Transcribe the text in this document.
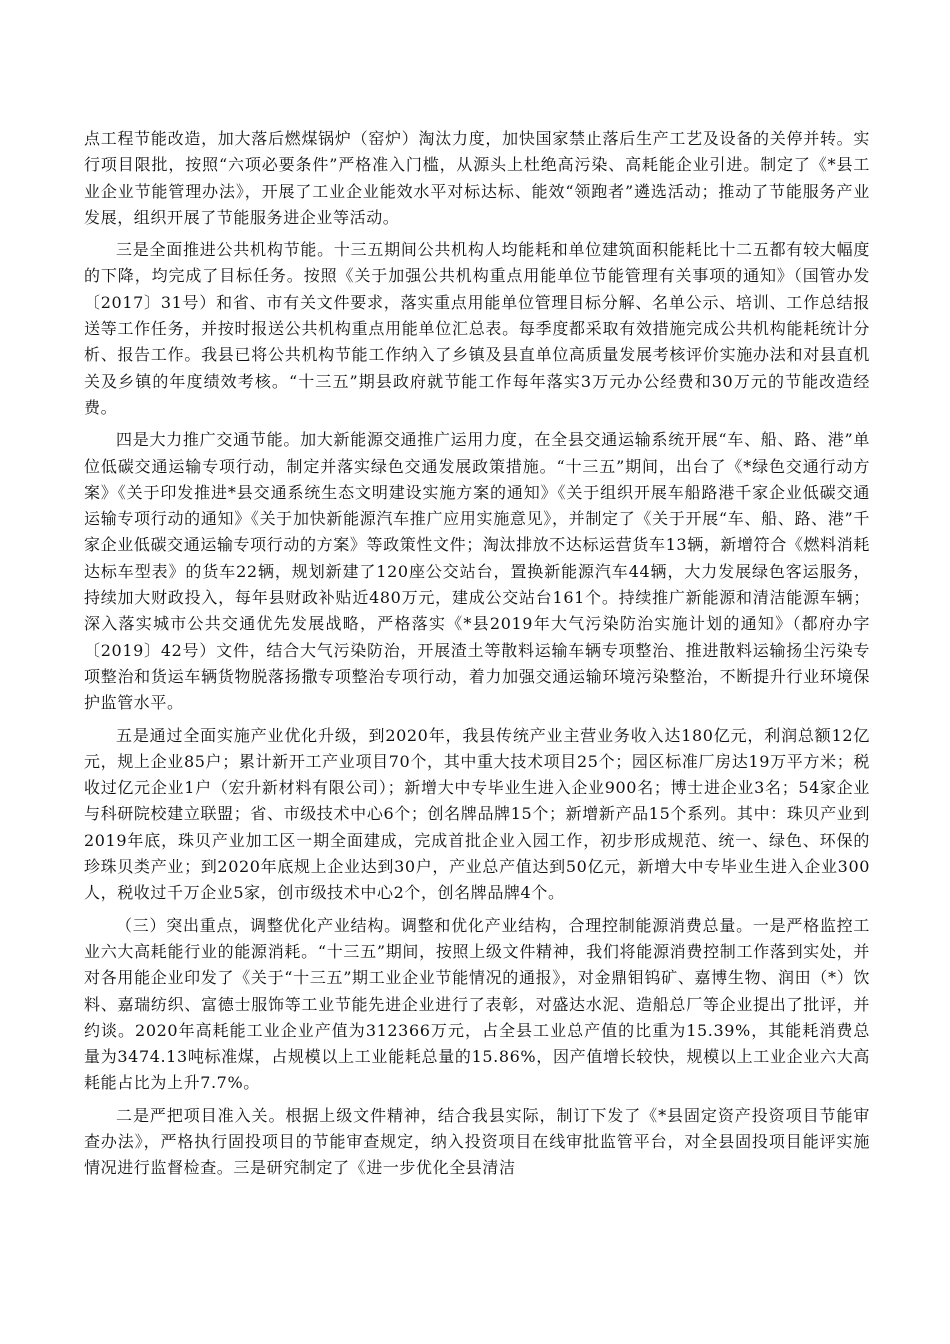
点工程节能改造，加大落后燃煤锅炉（窑炉）淘汰力度，加快国家禁止落后生产工艺及设备的关停并转。实行项目限批，按照“六项必要条件”严格准入门槛，从源头上杜绝高污染、高耗能企业引进。制定了《*县工业企业节能管理办法》，开展了工业企业能效水平对标达标、能效“领跑者”遴选活动；推动了节能服务产业发展，组织开展了节能服务进企业等活动。

三是全面推进公共机构节能。十三五期间公共机构人均能耗和单位建筑面积能耗比十二五都有较大幅度的下降，均完成了目标任务。按照《关于加强公共机构重点用能单位节能管理有关事项的通知》（国管办发〔2017〕31号）和省、市有关文件要求，落实重点用能单位管理目标分解、名单公示、培训、工作总结报送等工作任务，并按时报送公共机构重点用能单位汇总表。每季度都采取有效措施完成公共机构能耗统计分析、报告工作。我县已将公共机构节能工作纳入了乡镇及县直单位高质量发展考核评价实施办法和对县直机关及乡镇的年度绩效考核。“十三五”期县政府就节能工作每年落实3万元办公经费和30万元的节能改造经费。

四是大力推广交通节能。加大新能源交通推广运用力度，在全县交通运输系统开展“车、船、路、港”单位低碳交通运输专项行动，制定并落实绿色交通发展政策措施。“十三五”期间，出台了《*绿色交通行动方案》《关于印发推进*县交通系统生态文明建设实施方案的通知》《关于组织开展车船路港千家企业低碳交通运输专项行动的通知》《关于加快新能源汽车推广应用实施意见》，并制定了《关于开展“车、船、路、港”千家企业低碳交通运输专项行动的方案》等政策性文件；淘汰排放不达标运营货车13辆，新增符合《燃料消耗达标车型表》的货车22辆，规划新建了120座公交站台，置换新能源汽车44辆，大力发展绿色客运服务，持续加大财政投入，每年县财政补贴近480万元，建成公交站台161个。持续推广新能源和清洁能源车辆；深入落实城市公共交通优先发展战略，严格落实《*县2019年大气污染防治实施计划的通知》（都府办字〔2019〕42号）文件，结合大气污染防治，开展渣土等散料运输车辆专项整治、推进散料运输扬尘污染专项整治和货运车辆货物脱落扬撒专项整治专项行动，着力加强交通运输环境污染整治，不断提升行业环境保护监管水平。

五是通过全面实施产业优化升级，到2020年，我县传统产业主营业务收入达180亿元，利润总额12亿元，规上企业85户；累计新开工产业项目70个，其中重大技术项目25个；园区标准厂房达19万平方米；税收过亿元企业1户（宏升新材料有限公司）；新增大中专毕业生进入企业900名；博士进企业3名；54家企业与科研院校建立联盟；省、市级技术中心6个；创名牌品牌15个；新增新产品15个系列。其中：珠贝产业到2019年底，珠贝产业加工区一期全面建成，完成首批企业入园工作，初步形成规范、统一、绿色、环保的珍珠贝类产业；到2020年底规上企业达到30户，产业总产值达到50亿元，新增大中专毕业生进入企业300人，税收过千万企业5家，创市级技术中心2个，创名牌品牌4个。

（三）突出重点，调整优化产业结构。调整和优化产业结构，合理控制能源消费总量。一是严格监控工业六大高耗能行业的能源消耗。“十三五”期间，按照上级文件精神，我们将能源消费控制工作落到实处，并对各用能企业印发了《关于“十三五”期工业企业节能情况的通报》，对金鼎钼钨矿、嘉博生物、润田（*）饮料、嘉瑞纺织、富德士服饰等工业节能先进企业进行了表彰，对盛达水泥、造船总厂等企业提出了批评，并约谈。2020年高耗能工业企业产值为312366万元，占全县工业总产值的比重为15.39%，其能耗消费总量为3474.13吨标准煤，占规模以上工业能耗总量的15.86%，因产值增长较快，规模以上工业企业六大高耗能占比为上升7.7%。

二是严把项目准入关。根据上级文件精神，结合我县实际，制订下发了《*县固定资产投资项目节能审查办法》，严格执行固投项目的节能审查规定，纳入投资项目在线审批监管平台，对全县固投项目能评实施情况进行监督检查。三是研究制定了《进一步优化全县清洁
